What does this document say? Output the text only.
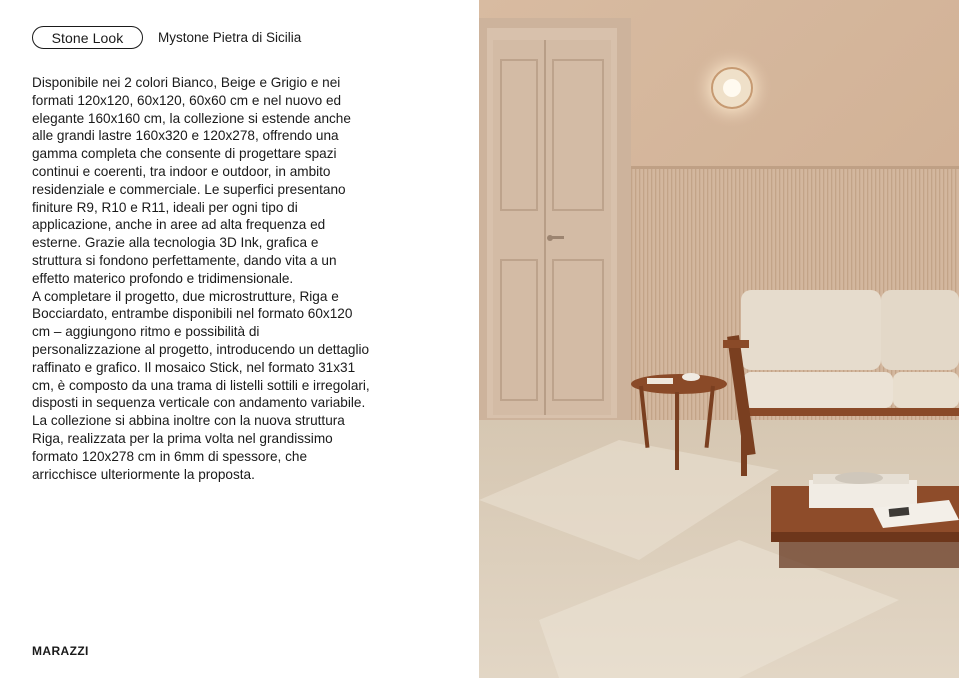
Stone Look	Mystone Pietra di Sicilia

Disponibile nei 2 colori Bianco, Beige e Grigio e nei formati 120x120, 60x120, 60x60 cm e nel nuovo ed elegante 160x160 cm, la collezione si estende anche alle grandi lastre 160x320 e 120x278, offrendo una gamma completa che consente di progettare spazi continui e coerenti, tra indoor e outdoor, in ambito residenziale e commerciale. Le superfici presentano finiture R9, R10 e R11, ideali per ogni tipo di applicazione, anche in aree ad alta frequenza ed esterne. Grazie alla tecnologia 3D Ink, grafica e struttura si fondono perfettamente, dando vita a un effetto materico profondo e tridimensionale.

A completare il progetto, due microstrutture, Riga e Bocciardato, entrambe disponibili nel formato 60x120 cm – aggiungono ritmo e possibilità di personalizzazione al progetto, introducendo un dettaglio raffinato e grafico. Il mosaico Stick, nel formato 31x31 cm, è composto da una trama di listelli sottili e irregolari, disposti in sequenza verticale con andamento variabile. La collezione si abbina inoltre con la nuova struttura Riga, realizzata per la prima volta nel grandissimo formato 120x278 cm in 6mm di spessore, che arricchisce ulteriormente la proposta.

MARAZZI
